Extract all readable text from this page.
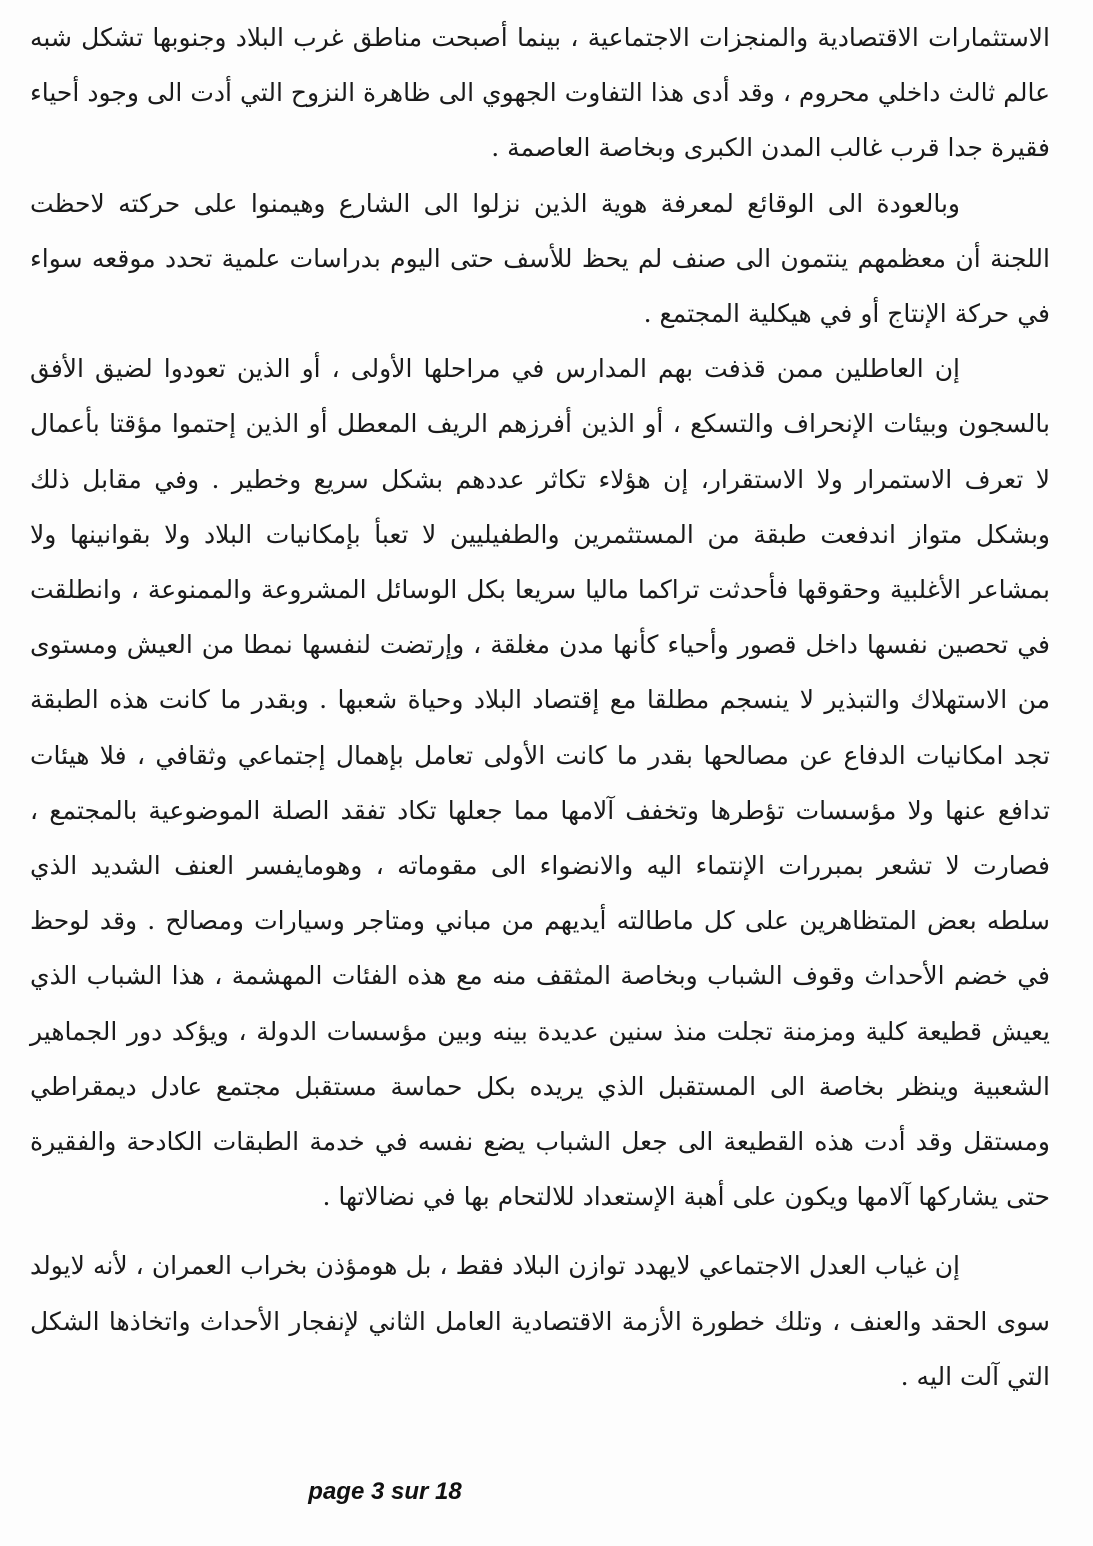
الاستثمارات الاقتصادية والمنجزات الاجتماعية ، بينما أصبحت مناطق غرب البلاد وجنوبها تشكل شبه عالم ثالث داخلي محروم ، وقد أدى هذا التفاوت الجهوي الى ظاهرة النزوح التي أدت الى وجود أحياء فقيرة جدا قرب غالب المدن الكبرى وبخاصة العاصمة .

وبالعودة الى الوقائع لمعرفة هوية الذين نزلوا الى الشارع وهيمنوا على حركته لاحظت اللجنة أن معظمهم ينتمون الى صنف لم يحظ للأسف حتى اليوم بدراسات علمية تحدد موقعه سواء في حركة الإنتاج أو في هيكلية المجتمع .

إن العاطلين ممن قذفت بهم المدارس في مراحلها الأولى ، أو الذين تعودوا لضيق الأفق بالسجون وبيئات الإنحراف والتسكع ، أو الذين أفرزهم الريف المعطل أو الذين إحتموا مؤقتا بأعمال لا تعرف الاستمرار ولا الاستقرار، إن هؤلاء تكاثر عددهم بشكل سريع وخطير . وفي مقابل ذلك وبشكل متواز اندفعت طبقة من المستثمرين والطفيليين لا تعبأ بإمكانيات البلاد ولا بقوانينها ولا بمشاعر الأغلبية وحقوقها فأحدثت تراكما ماليا سريعا بكل الوسائل المشروعة والممنوعة ، وانطلقت في تحصين نفسها داخل قصور وأحياء كأنها مدن مغلقة ، وإرتضت لنفسها نمطا من العيش ومستوى من الاستهلاك والتبذير لا ينسجم مطلقا مع إقتصاد البلاد وحياة شعبها . وبقدر ما كانت هذه الطبقة تجد امكانيات الدفاع عن مصالحها بقدر ما كانت الأولى تعامل بإهمال إجتماعي وثقافي ، فلا هيئات تدافع عنها ولا مؤسسات تؤطرها وتخفف آلامها مما جعلها تكاد تفقد الصلة الموضوعية بالمجتمع ، فصارت لا تشعر بمبررات الإنتماء اليه والانضواء الى مقوماته ، وهومايفسر العنف الشديد الذي سلطه بعض المتظاهرين على كل ماطالته أيديهم من مباني ومتاجر وسيارات ومصالح . وقد لوحظ في خضم الأحداث وقوف الشباب وبخاصة المثقف منه مع هذه الفئات المهشمة ، هذا الشباب الذي يعيش قطيعة كلية ومزمنة تجلت منذ سنين عديدة بينه وبين مؤسسات الدولة ، ويؤكد دور الجماهير الشعبية وينظر بخاصة الى المستقبل الذي يريده بكل حماسة مستقبل مجتمع عادل ديمقراطي ومستقل وقد أدت هذه القطيعة الى جعل الشباب يضع نفسه في خدمة الطبقات الكادحة والفقيرة حتى يشاركها آلامها ويكون على أهبة الإستعداد للالتحام بها في نضالاتها .

إن غياب العدل الاجتماعي لايهدد توازن البلاد فقط ، بل هومؤذن بخراب العمران ، لأنه لايولد سوى الحقد والعنف ، وتلك خطورة الأزمة الاقتصادية العامل الثاني لإنفجار الأحداث واتخاذها الشكل التي آلت اليه .

page 3 sur 18
